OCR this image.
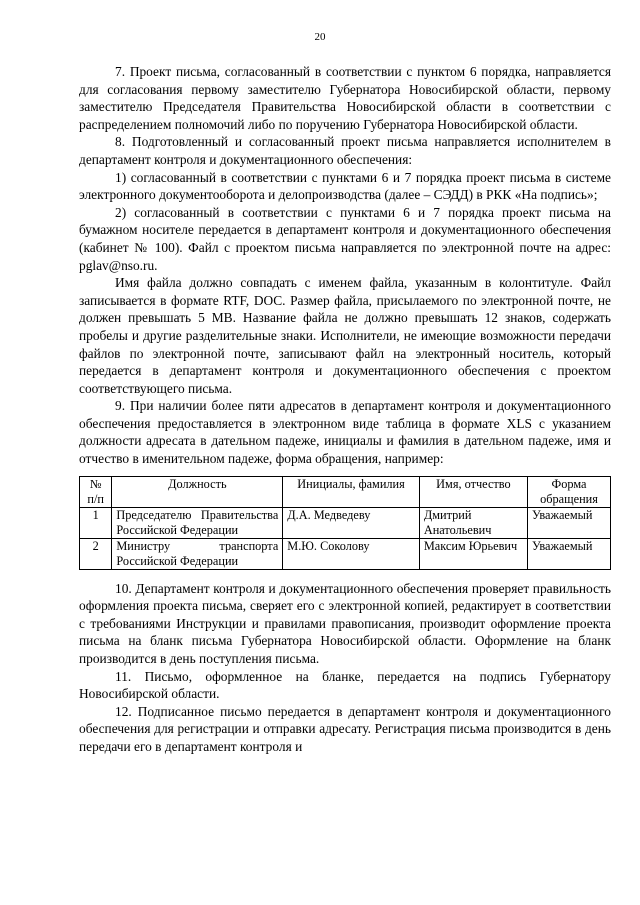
20

7. Проект письма, согласованный в соответствии с пунктом 6 порядка, направляется для согласования первому заместителю Губернатора Новосибирской области, первому заместителю Председателя Правительства Новосибирской области в соответствии с распределением полномочий либо по поручению Губернатора Новосибирской области.

8. Подготовленный и согласованный проект письма направляется исполнителем в департамент контроля и документационного обеспечения:

1) согласованный в соответствии с пунктами 6 и 7 порядка проект письма в системе электронного документооборота и делопроизводства (далее – СЭДД) в РКК «На подпись»;

2) согласованный в соответствии с пунктами 6 и 7 порядка проект письма на бумажном носителе передается в департамент контроля и документационного обеспечения (кабинет № 100). Файл с проектом письма направляется по электронной почте на адрес: pglav@nso.ru.

Имя файла должно совпадать с именем файла, указанным в колонтитуле. Файл записывается в формате RTF, DOC. Размер файла, присылаемого по электронной почте, не должен превышать 5 MB. Название файла не должно превышать 12 знаков, содержать пробелы и другие разделительные знаки. Исполнители, не имеющие возможности передачи файлов по электронной почте, записывают файл на электронный носитель, который передается в департамент контроля и документационного обеспечения с проектом соответствующего письма.

9. При наличии более пяти адресатов в департамент контроля и документационного обеспечения предоставляется в электронном виде таблица в формате XLS с указанием должности адресата в дательном падеже, инициалы и фамилия в дательном падеже, имя и отчество в именительном падеже, форма обращения, например:

№ п/п	Должность	Инициалы, фамилия	Имя, отчество	Форма обращения
1	Председателю Правительства Российской Федерации	Д.А. Медведеву	Дмитрий Анатольевич	Уважаемый
2	Министру транспорта Российской Федерации	М.Ю. Соколову	Максим Юрьевич	Уважаемый

10. Департамент контроля и документационного обеспечения проверяет правильность оформления проекта письма, сверяет его с электронной копией, редактирует в соответствии с требованиями Инструкции и правилами правописания, производит оформление проекта письма на бланк письма Губернатора Новосибирской области. Оформление на бланк производится в день поступления письма.

11. Письмо, оформленное на бланке, передается на подпись Губернатору Новосибирской области.

12. Подписанное письмо передается в департамент контроля и документационного обеспечения для регистрации и отправки адресату. Регистрация письма производится в день передачи его в департамент контроля и
